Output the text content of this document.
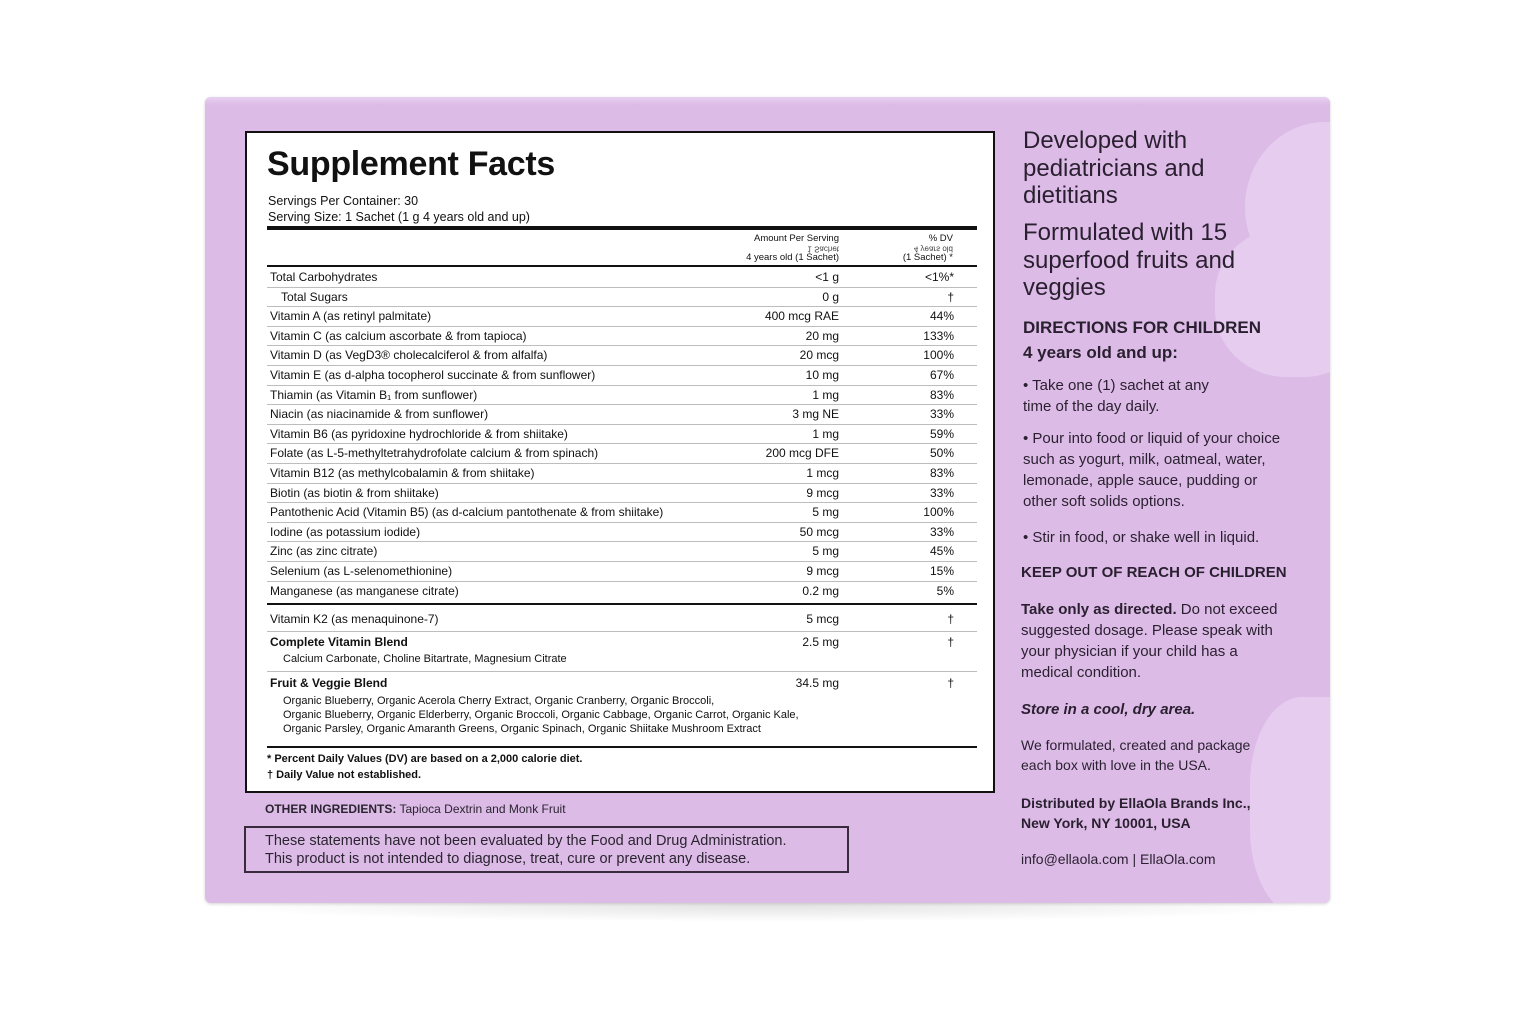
Supplement Facts
Servings Per Container: 30
Serving Size: 1 Sachet (1 g 4 years old and up)
Amount Per Serving
1 Sachet
4 years old (1 Sachet)
% DV
4 years old
(1 Sachet) *
Total Carbohydrates	<1 g	<1%*
Total Sugars	0 g	†
Vitamin A (as retinyl palmitate)	400 mcg RAE	44%
Vitamin C (as calcium ascorbate & from tapioca)	20 mg	133%
Vitamin D (as VegD3® cholecalciferol & from alfalfa)	20 mcg	100%
Vitamin E (as d-alpha tocopherol succinate & from sunflower)	10 mg	67%
Thiamin (as Vitamin B₁ from sunflower)	1 mg	83%
Niacin (as niacinamide & from sunflower)	3 mg NE	33%
Vitamin B6 (as pyridoxine hydrochloride & from shiitake)	1 mg	59%
Folate (as L-5-methyltetrahydrofolate calcium & from spinach)	200 mcg DFE	50%
Vitamin B12 (as methylcobalamin & from shiitake)	1 mcg	83%
Biotin (as biotin & from shiitake)	9 mcg	33%
Pantothenic Acid (Vitamin B5) (as d-calcium pantothenate & from shiitake)	5 mg	100%
Iodine (as potassium iodide)	50 mcg	33%
Zinc (as zinc citrate)	5 mg	45%
Selenium (as L-selenomethionine)	9 mcg	15%
Manganese (as manganese citrate)	0.2 mg	5%
Vitamin K2 (as menaquinone-7)	5 mcg	†
Complete Vitamin Blend	2.5 mg	†
Calcium Carbonate, Choline Bitartrate, Magnesium Citrate
Fruit & Veggie Blend	34.5 mg	†
Organic Blueberry, Organic Acerola Cherry Extract, Organic Cranberry, Organic Broccoli,
Organic Blueberry, Organic Elderberry, Organic Broccoli, Organic Cabbage, Organic Carrot, Organic Kale,
Organic Parsley, Organic Amaranth Greens, Organic Spinach, Organic Shiitake Mushroom Extract
* Percent Daily Values (DV) are based on a 2,000 calorie diet.
† Daily Value not established.
OTHER INGREDIENTS: Tapioca Dextrin and Monk Fruit
These statements have not been evaluated by the Food and Drug Administration.
This product is not intended to diagnose, treat, cure or prevent any disease.
Developed with
pediatricians and
dietitians
Formulated with 15
superfood fruits and
veggies
DIRECTIONS FOR CHILDREN
4 years old and up:
• Take one (1) sachet at any
time of the day daily.
• Pour into food or liquid of your choice
such as yogurt, milk, oatmeal, water,
lemonade, apple sauce, pudding or
other soft solids options.
• Stir in food, or shake well in liquid.
KEEP OUT OF REACH OF CHILDREN
Take only as directed. Do not exceed
suggested dosage. Please speak with
your physician if your child has a
medical condition.
Store in a cool, dry area.
We formulated, created and package
each box with love in the USA.
Distributed by EllaOla Brands Inc.,
New York, NY 10001, USA
info@ellaola.com | EllaOla.com
